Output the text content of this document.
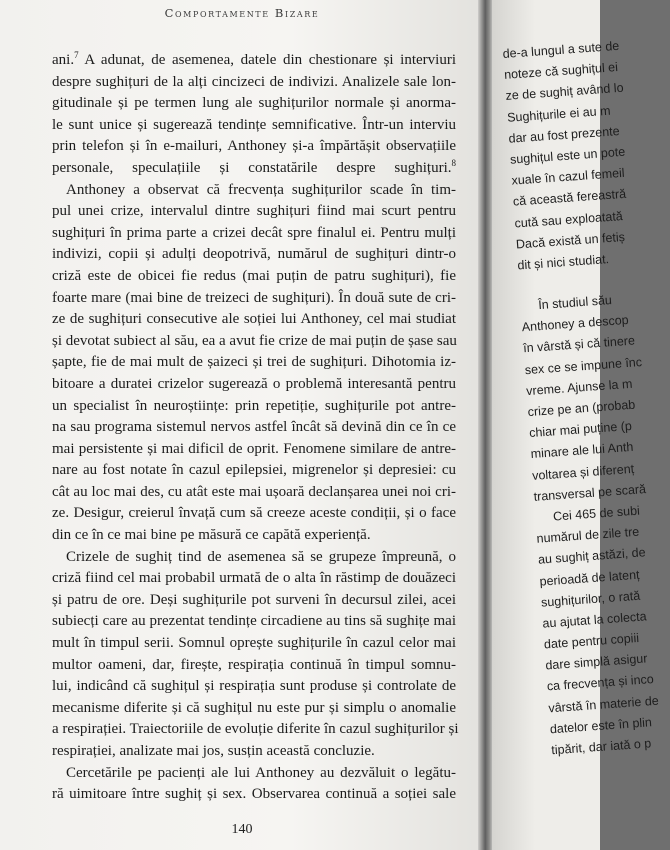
Comportamente Bizare
ani.$^7$ A adunat, de asemenea, datele din chestionare și interviuri
despre sughițuri de la alți cincizeci de indivizi. Analizele sale lon-
gitudinale și pe termen lung ale sughițurilor normale și anorma-
le sunt unice și sugerează tendințe semnificative. Într-un interviu
prin telefon și în e-mailuri, Anthoney și-a împărtășit observațiile
personale, speculațiile și constatările despre sughițuri.$^8$
Anthoney a observat că frecvența sughițurilor scade în tim-
pul unei crize, intervalul dintre sughițuri fiind mai scurt pentru
sughițuri în prima parte a crizei decât spre finalul ei. Pentru mulți
indivizi, copii și adulți deopotrivă, numărul de sughițuri dintr-o
criză este de obicei fie redus (mai puțin de patru sughițuri), fie
foarte mare (mai bine de treizeci de sughițuri). În două sute de cri-
ze de sughițuri consecutive ale soției lui Anthoney, cel mai studiat
și devotat subiect al său, ea a avut fie crize de mai puțin de șase sau
șapte, fie de mai mult de șaizeci și trei de sughițuri. Dihotomia iz-
bitoare a duratei crizelor sugerează o problemă interesantă pentru
un specialist în neuroștiințe: prin repetiție, sughițurile pot antre-
na sau programa sistemul nervos astfel încât să devină din ce în ce
mai persistente și mai dificil de oprit. Fenomene similare de antre-
nare au fost notate în cazul epilepsiei, migrenelor și depresiei: cu
cât au loc mai des, cu atât este mai ușoară declanșarea unei noi cri-
ze. Desigur, creierul învață cum să creeze aceste condiții, și o face
din ce în ce mai bine pe măsură ce capătă experiență.
Crizele de sughiț tind de asemenea să se grupeze împreună, o
criză fiind cel mai probabil urmată de o alta în răstimp de douăzeci
și patru de ore. Deși sughițurile pot surveni în decursul zilei, acei
subiecți care au prezentat tendințe circadiene au tins să sughițe mai
mult în timpul serii. Somnul oprește sughițurile în cazul celor mai
multor oameni, dar, firește, respirația continuă în timpul somnu-
lui, indicând că sughițul și respirația sunt produse și controlate de
mecanisme diferite și că sughițul nu este pur și simplu o anomalie
a respirației. Traiectoriile de evoluție diferite în cazul sughițurilor și
respirației, analizate mai jos, susțin această concluzie.
Cercetările pe pacienți ale lui Anthoney au dezvăluit o legătu-
ră uimitoare între sughiț și sex. Observarea continuă a soției sale
140
de-a lungul a sute de
noteze că sughițul ei
ze de sughiț având lo
Sughițurile ei au m
dar au fost prezente
sughițul este un pote
xuale în cazul femeil
că această fereastră
cută sau exploatată
Dacă există un fetiș
dit și nici studiat.
În studiul său
Anthoney a descop
în vârstă și că tinere
sex ce se impune înc
vreme. Ajunse la m
crize pe an (probab
chiar mai puține (p
minare ale lui Anth
voltarea și diferenț
transversal pe scară
Cei 465 de subi
numărul de zile tre
au sughiț astăzi, de
perioadă de latenț
sughițurilor, o rată
au ajutat la colecta
date pentru copiii
dare simplă asigur
ca frecvența și inco
vârstă în materie de
datelor este în plin
tipărit, dar iată o p
